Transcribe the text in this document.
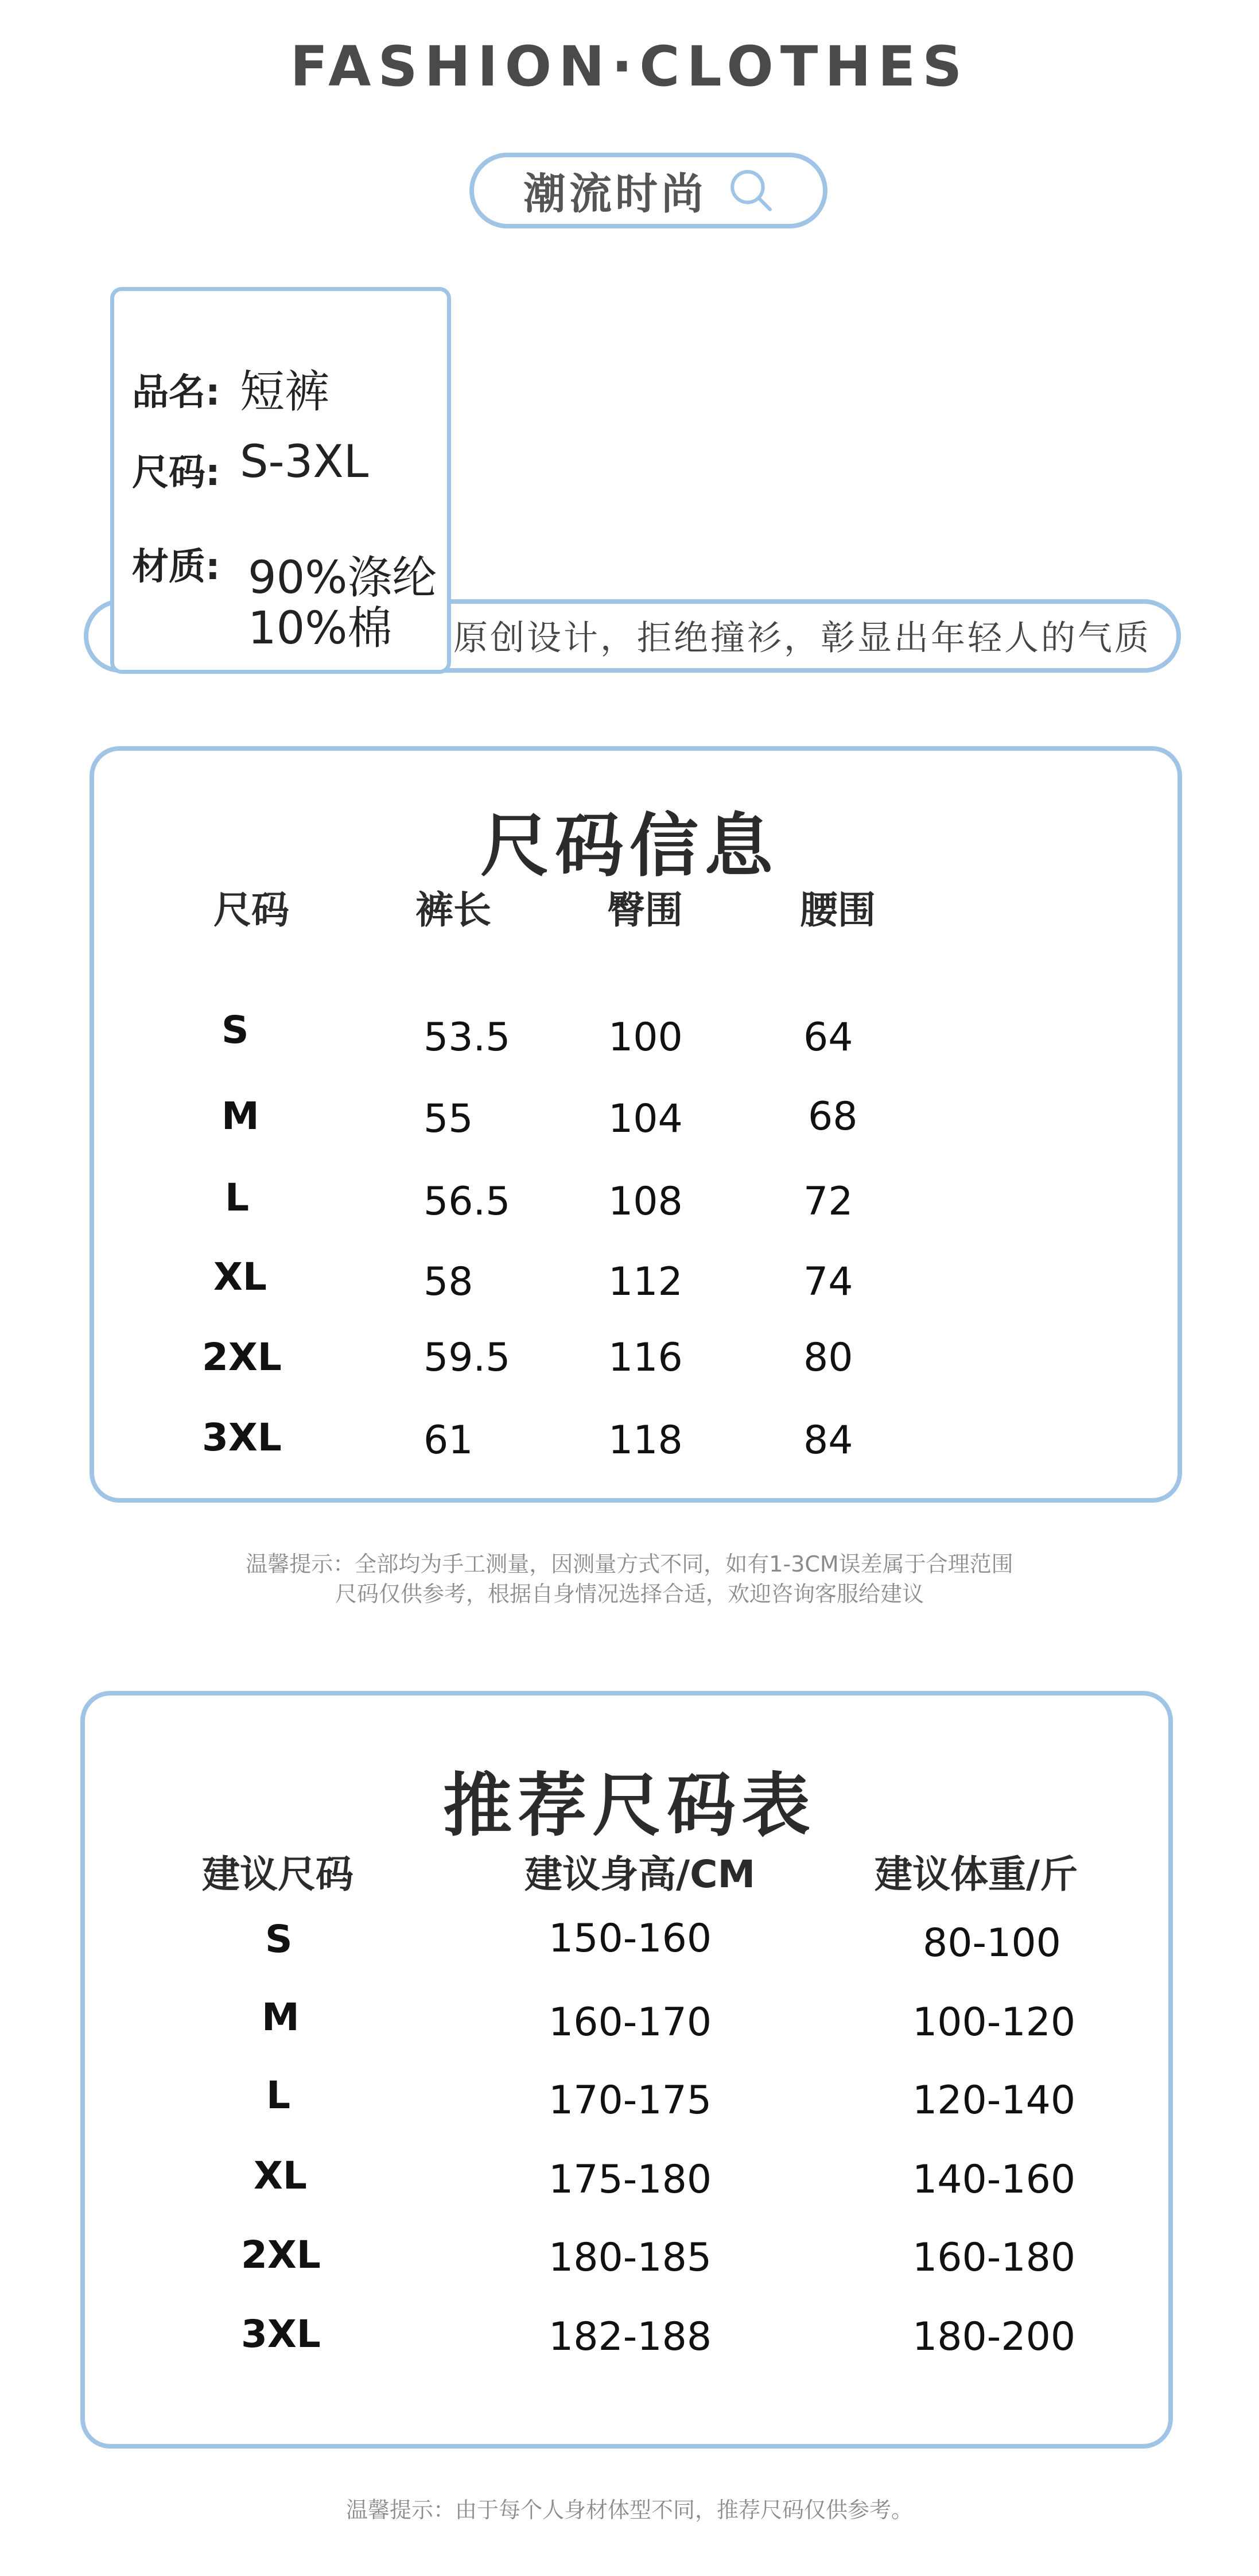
FASHION·CLOTHES
潮流时尚
原创设计，拒绝撞衫，彰显出年轻人的气质
品名: 短裤
尺码: S-3XL
材质: 90%涤纶
10%棉
尺码信息
尺码	裤长	臀围	腰围
S	53.5	100	64
M	55	104	68
L	56.5	108	72
XL	58	112	74
2XL	59.5	116	80
3XL	61	118	84
温馨提示：全部均为手工测量，因测量方式不同，如有1-3CM误差属于合理范围
尺码仅供参考，根据自身情况选择合适，欢迎咨询客服给建议
推荐尺码表
建议尺码	建议身高/CM	建议体重/斤
S	150-160	80-100
M	160-170	100-120
L	170-175	120-140
XL	175-180	140-160
2XL	180-185	160-180
3XL	182-188	180-200
温馨提示：由于每个人身材体型不同，推荐尺码仅供参考。
